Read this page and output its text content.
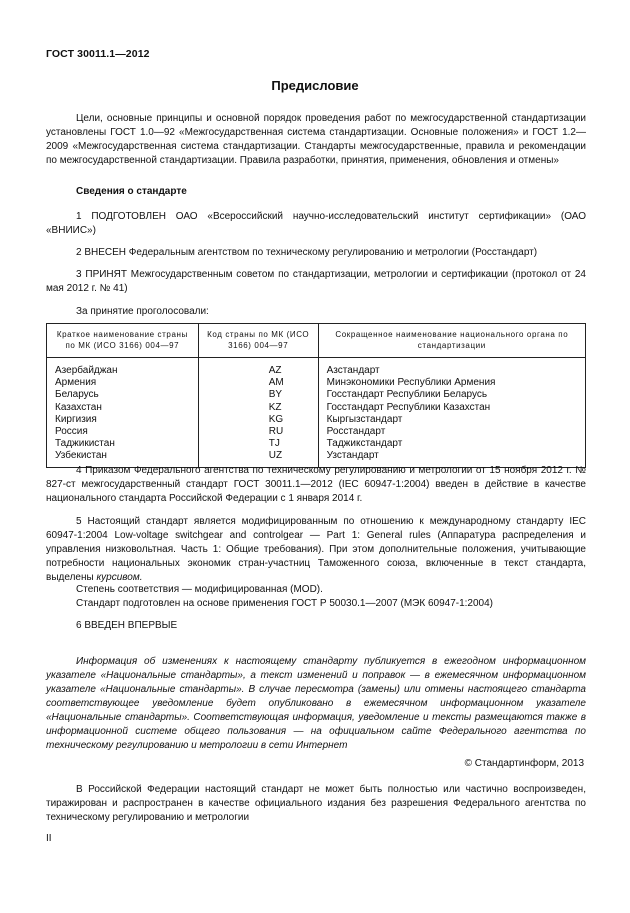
ГОСТ 30011.1—2012
Предисловие
Цели, основные принципы и основной порядок проведения работ по межгосударственной стандартизации установлены ГОСТ 1.0—92 «Межгосударственная система стандартизации. Основные положения» и ГОСТ 1.2—2009 «Межгосударственная система стандартизации. Стандарты межгосударственные, правила и рекомендации по межгосударственной стандартизации. Правила разработки, принятия, применения, обновления и отмены»
Сведения о стандарте
1 ПОДГОТОВЛЕН ОАО «Всероссийский научно-исследовательский институт сертификации» (ОАО «ВНИИС»)
2 ВНЕСЕН Федеральным агентством по техническому регулированию и метрологии (Росстандарт)
3 ПРИНЯТ Межгосударственным советом по стандартизации, метрологии и сертификации (протокол от 24 мая 2012 г. № 41)
За принятие проголосовали:
Краткое наименование страны по МК (ИСО 3166) 004—97	Код страны по МК (ИСО 3166) 004—97	Сокращенное наименование национального органа по стандартизации
Азербайджан	AZ	Азстандарт
Армения	AM	Минэкономики Республики Армения
Беларусь	BY	Госстандарт Республики Беларусь
Казахстан	KZ	Госстандарт Республики Казахстан
Киргизия	KG	Кыргызстандарт
Россия	RU	Росстандарт
Таджикистан	TJ	Таджикстандарт
Узбекистан	UZ	Узстандарт
4 Приказом Федерального агентства по техническому регулированию и метрологии от 15 ноября 2012 г. № 827-ст межгосударственный стандарт ГОСТ 30011.1—2012 (IEC 60947-1:2004) введен в действие в качестве национального стандарта Российской Федерации с 1 января 2014 г.
5 Настоящий стандарт является модифицированным по отношению к международному стандарту IEC 60947-1:2004 Low-voltage switchgear and controlgear — Part 1: General rules (Аппаратура распределения и управления низковольтная. Часть 1: Общие требования). При этом дополнительные положения, учитывающие потребности национальных экономик стран-участниц Таможенного союза, включенные в текст стандарта, выделены курсивом.
Степень соответствия — модифицированная (MOD).
Стандарт подготовлен на основе применения ГОСТ Р 50030.1—2007 (МЭК 60947-1:2004)
6 ВВЕДЕН ВПЕРВЫЕ
Информация об изменениях к настоящему стандарту публикуется в ежегодном информационном указателе «Национальные стандарты», а текст изменений и поправок — в ежемесячном информационном указателе «Национальные стандарты». В случае пересмотра (замены) или отмены настоящего стандарта соответствующее уведомление будет опубликовано в ежемесячном информационном указателе «Национальные стандарты». Соответствующая информация, уведомление и тексты размещаются также в информационной системе общего пользования — на официальном сайте Федерального агентства по техническому регулированию и метрологии в сети Интернет
© Стандартинформ, 2013
В Российской Федерации настоящий стандарт не может быть полностью или частично воспроизведен, тиражирован и распространен в качестве официального издания без разрешения Федерального агентства по техническому регулированию и метрологии
II
